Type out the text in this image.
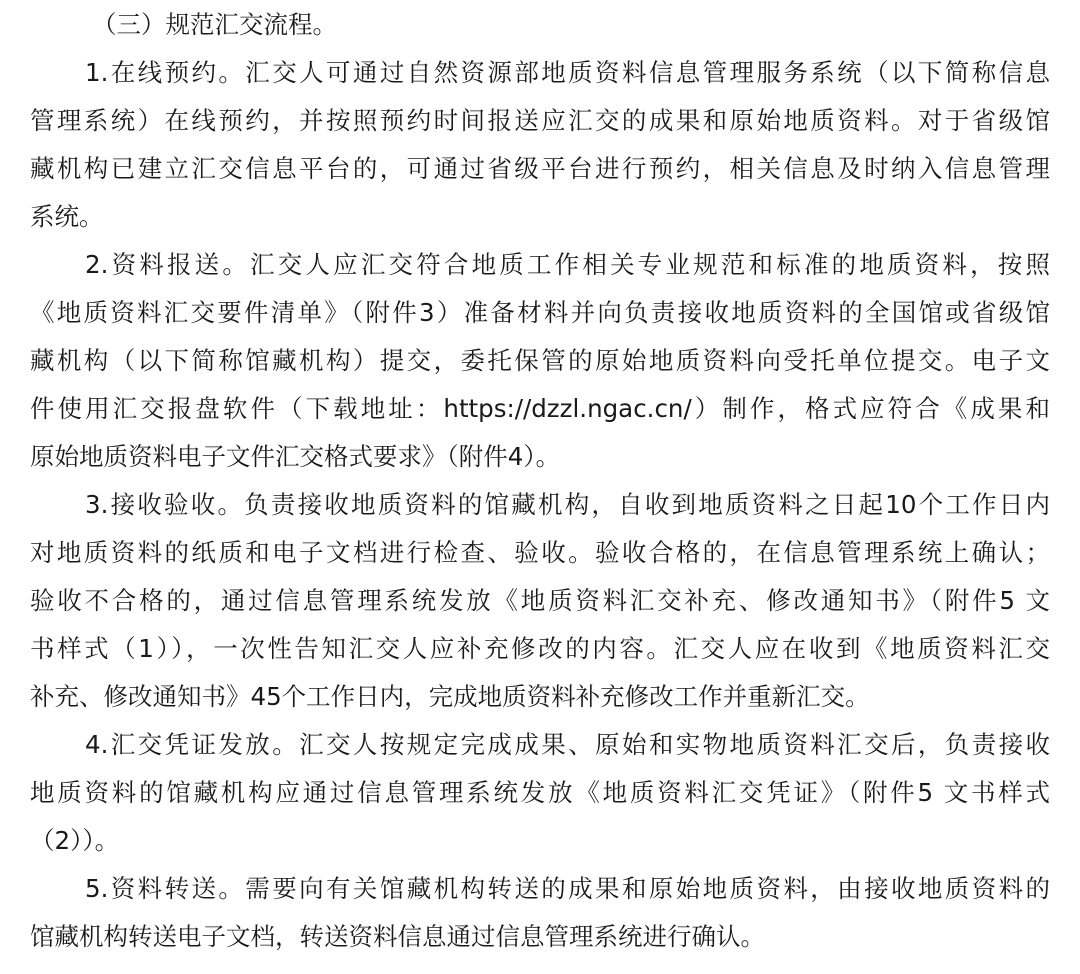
（三）规范汇交流程。
1.在线预约。汇交人可通过自然资源部地质资料信息管理服务系统（以下简称信息
管理系统）在线预约，并按照预约时间报送应汇交的成果和原始地质资料。对于省级馆
藏机构已建立汇交信息平台的，可通过省级平台进行预约，相关信息及时纳入信息管理
系统。
2.资料报送。汇交人应汇交符合地质工作相关专业规范和标准的地质资料，按照
《地质资料汇交要件清单》（附件3）准备材料并向负责接收地质资料的全国馆或省级馆
藏机构（以下简称馆藏机构）提交，委托保管的原始地质资料向受托单位提交。电子文
件使用汇交报盘软件（下载地址：https://dzzl.ngac.cn/）制作，格式应符合《成果和
原始地质资料电子文件汇交格式要求》（附件4）。
3.接收验收。负责接收地质资料的馆藏机构，自收到地质资料之日起10个工作日内
对地质资料的纸质和电子文档进行检查、验收。验收合格的，在信息管理系统上确认；
验收不合格的，通过信息管理系统发放《地质资料汇交补充、修改通知书》（附件5 文
书样式（1）），一次性告知汇交人应补充修改的内容。汇交人应在收到《地质资料汇交
补充、修改通知书》45个工作日内，完成地质资料补充修改工作并重新汇交。
4.汇交凭证发放。汇交人按规定完成成果、原始和实物地质资料汇交后，负责接收
地质资料的馆藏机构应通过信息管理系统发放《地质资料汇交凭证》（附件5 文书样式
（2））。
5.资料转送。需要向有关馆藏机构转送的成果和原始地质资料，由接收地质资料的
馆藏机构转送电子文档，转送资料信息通过信息管理系统进行确认。
